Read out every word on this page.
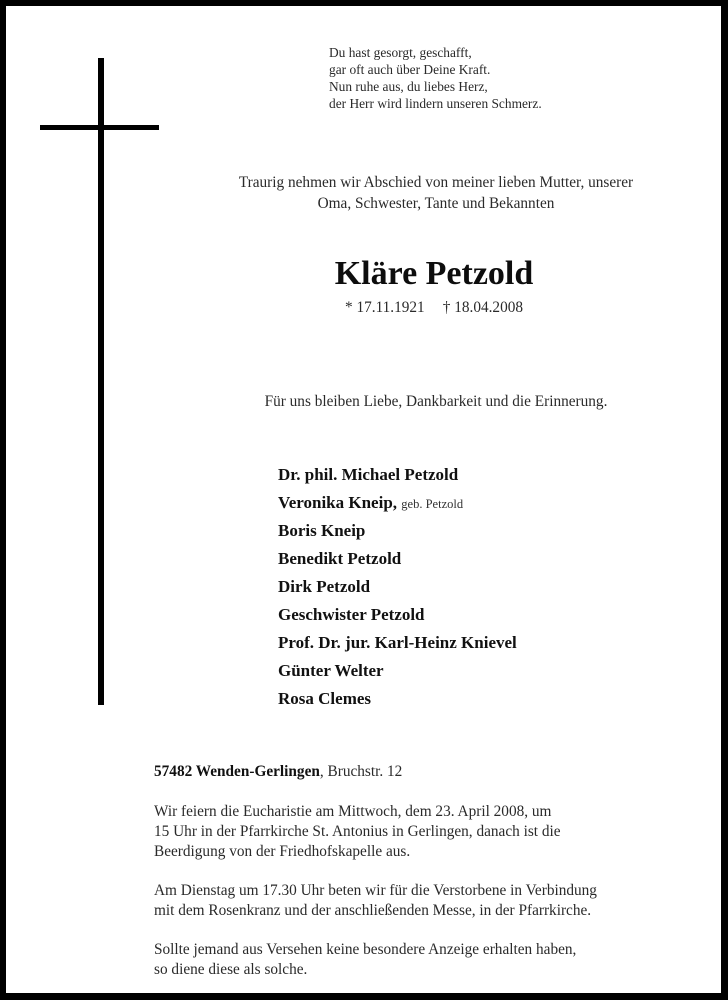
Du hast gesorgt, geschafft,
gar oft auch über Deine Kraft.
Nun ruhe aus, du liebes Herz,
der Herr wird lindern unseren Schmerz.
Traurig nehmen wir Abschied von meiner lieben Mutter, unserer
Oma, Schwester, Tante und Bekannten
Kläre Petzold
* 17.11.1921 † 18.04.2008
Für uns bleiben Liebe, Dankbarkeit und die Erinnerung.
Dr. phil. Michael Petzold
Veronika Kneip, geb. Petzold
Boris Kneip
Benedikt Petzold
Dirk Petzold
Geschwister Petzold
Prof. Dr. jur. Karl-Heinz Knievel
Günter Welter
Rosa Clemes

57482 Wenden-Gerlingen, Bruchstr. 12

Wir feiern die Eucharistie am Mittwoch, dem 23. April 2008, um
15 Uhr in der Pfarrkirche St. Antonius in Gerlingen, danach ist die
Beerdigung von der Friedhofskapelle aus.

Am Dienstag um 17.30 Uhr beten wir für die Verstorbene in Verbindung
mit dem Rosenkranz und der anschließenden Messe, in der Pfarrkirche.

Sollte jemand aus Versehen keine besondere Anzeige erhalten haben,
so diene diese als solche.
